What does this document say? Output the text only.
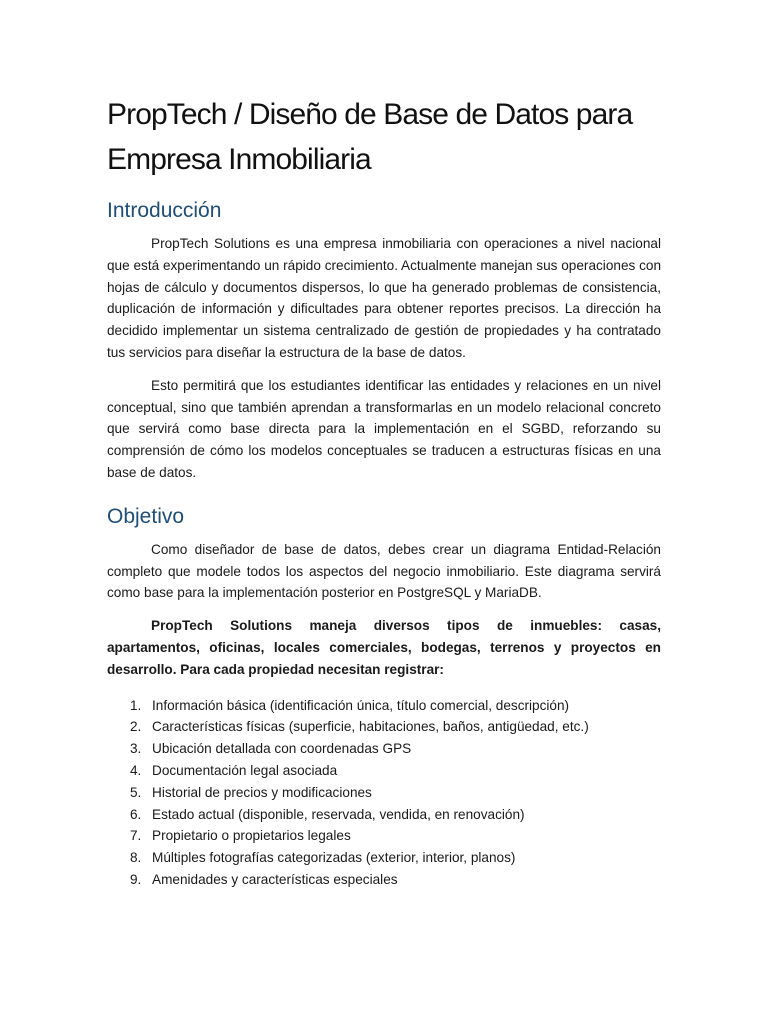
PropTech / Diseño de Base de Datos para Empresa Inmobiliaria
Introducción

PropTech Solutions es una empresa inmobiliaria con operaciones a nivel nacional que está experimentando un rápido crecimiento. Actualmente manejan sus operaciones con hojas de cálculo y documentos dispersos, lo que ha generado problemas de consistencia, duplicación de información y dificultades para obtener reportes precisos. La dirección ha decidido implementar un sistema centralizado de gestión de propiedades y ha contratado tus servicios para diseñar la estructura de la base de datos.

Esto permitirá que los estudiantes identificar las entidades y relaciones en un nivel conceptual, sino que también aprendan a transformarlas en un modelo relacional concreto que servirá como base directa para la implementación en el SGBD, reforzando su comprensión de cómo los modelos conceptuales se traducen a estructuras físicas en una base de datos.

Objetivo

Como diseñador de base de datos, debes crear un diagrama Entidad-Relación completo que modele todos los aspectos del negocio inmobiliario. Este diagrama servirá como base para la implementación posterior en PostgreSQL y MariaDB.

PropTech Solutions maneja diversos tipos de inmuebles: casas, apartamentos, oficinas, locales comerciales, bodegas, terrenos y proyectos en desarrollo. Para cada propiedad necesitan registrar:

1. Información básica (identificación única, título comercial, descripción)
2. Características físicas (superficie, habitaciones, baños, antigüedad, etc.)
3. Ubicación detallada con coordenadas GPS
4. Documentación legal asociada
5. Historial de precios y modificaciones
6. Estado actual (disponible, reservada, vendida, en renovación)
7. Propietario o propietarios legales
8. Múltiples fotografías categorizadas (exterior, interior, planos)
9. Amenidades y características especiales
